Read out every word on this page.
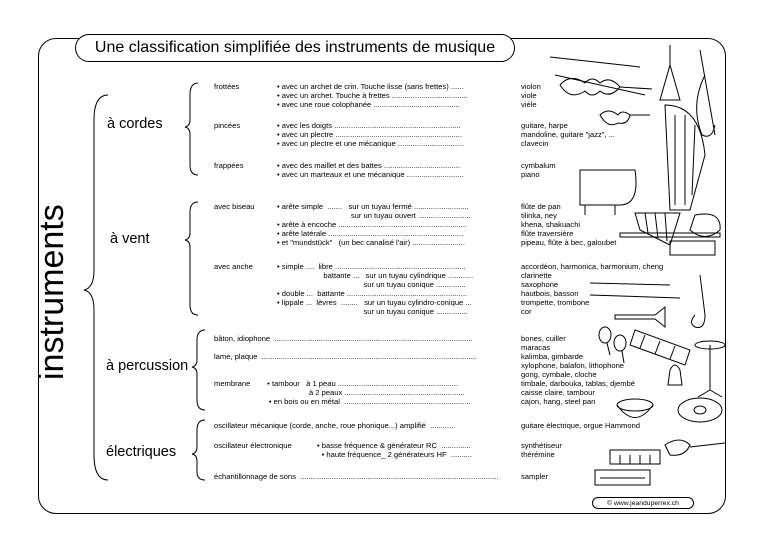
Une classification simplifiée des instruments de musique
instruments
à cordes
à vent
à percussion
électriques
frottées	• avec un archet de crin. Touche lisse (sans frettes) ......	violon
• avec un archet. Touche à frettes ....................................	viole
• avec une roue colophanée .........................................	vièle
pincées	• avec les doigts ............................................................	guitare, harpe
• avec un plectre ............................................................	mandoline, guitare "jazz", ...
• avec un plectre et une mécanique ...............................	clavecin
frappées	• avec des maillet et des battes ....................................	cymbalum
• avec un marteaux et une mécanique ...........................	piano
avec biseau	• arête simple  .......   sur un tuyau fermé ..........................	flûte de pan
sur un tuyau ouvert .........................	tilinka, ney
• arête à encoche .............................................................	khena, shakuachi
• arête latérale ................................................................	flûte traversière
• et "mundstück"   (un bec canalisé l'air) .........................	pipeau, flûte à bec, galoubet
avec anche	• simple ....  libre ..............................................................	accordéon, harmonica, harmonium, cheng
battante ...   sur un tuyau cylindrique ............	clarinette
sur un tuyau conique ..............	saxophone
• double ...  battante .........................................................	hautbois, basson
• lippale ...  lèvres  ........   sur un tuyau cylindro-conique ...	trompette, trombone
sur un tuyau conique ...............	cor
bâton, idiophone  ..............................................................................................	bones, cuiller
maracas
lame, plaque  ......................................................................................................	kalimba, gimbarde
xylophone, balafon, lithophone
gong, cymbale, cloche
membrane        • tambour   à 1 peau .........................................................	timbale, darbouka, tablas, djembé
à 2 peaux .........................................................	caisse claire, tambour
• en bois ou en métal  ............................................................	cajon, hang, steel pan
oscillateur mécanique (corde, anche, roue phonique...) amplifié  ...........	guitare électrique, orgue Hammond
oscillateur électronique            • basse fréquence & générateur RC  ..............	synthétiseur
• haute fréquence_ 2 générateurs HF  ..........	thérémine
échantillonnage de sons  ..............................................................................................	sampler
© www.jeanduperrex.ch
